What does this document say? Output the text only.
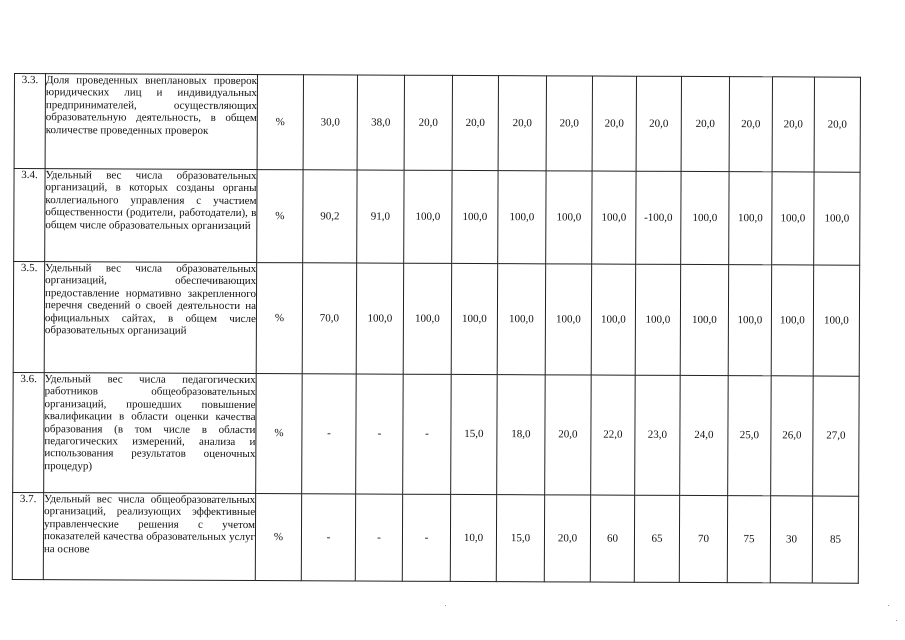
3.3.	Доля проведенных внеплановых проверок юридических лиц и индивидуальных предпринимателей, осуществляющих образовательную деятельность, в общем количестве проведенных проверок	%	30,0	38,0	20,0	20,0	20,0	20,0	20,0	20,0	20,0	20,0	20,0	20,0
3.4.	Удельный вес числа образовательных организаций, в которых созданы органы коллегиального управления с участием общественности (родители, работодатели), в общем числе образовательных организаций	%	90,2	91,0	100,0	100,0	100,0	100,0	100,0	-100,0	100,0	100,0	100,0	100,0
3.5.	Удельный вес числа образовательных организаций, обеспечивающих предоставление нормативно закрепленного перечня сведений о своей деятельности на официальных сайтах, в общем числе образовательных организаций	%	70,0	100,0	100,0	100,0	100,0	100,0	100,0	100,0	100,0	100,0	100,0	100,0
3.6.	Удельный вес числа педагогических работников общеобразовательных организаций, прошедших повышение квалификации в области оценки качества образования (в том числе в области педагогических измерений, анализа и использования результатов оценочных процедур)	%	-	-	-	15,0	18,0	20,0	22,0	23,0	24,0	25,0	26,0	27,0
3.7.	Удельный вес числа общеобразовательных организаций, реализующих эффективные управленческие решения с учетом показателей качества образовательных услуг на основе	%	-	-	-	10,0	15,0	20,0	60	65	70	75	30	85
